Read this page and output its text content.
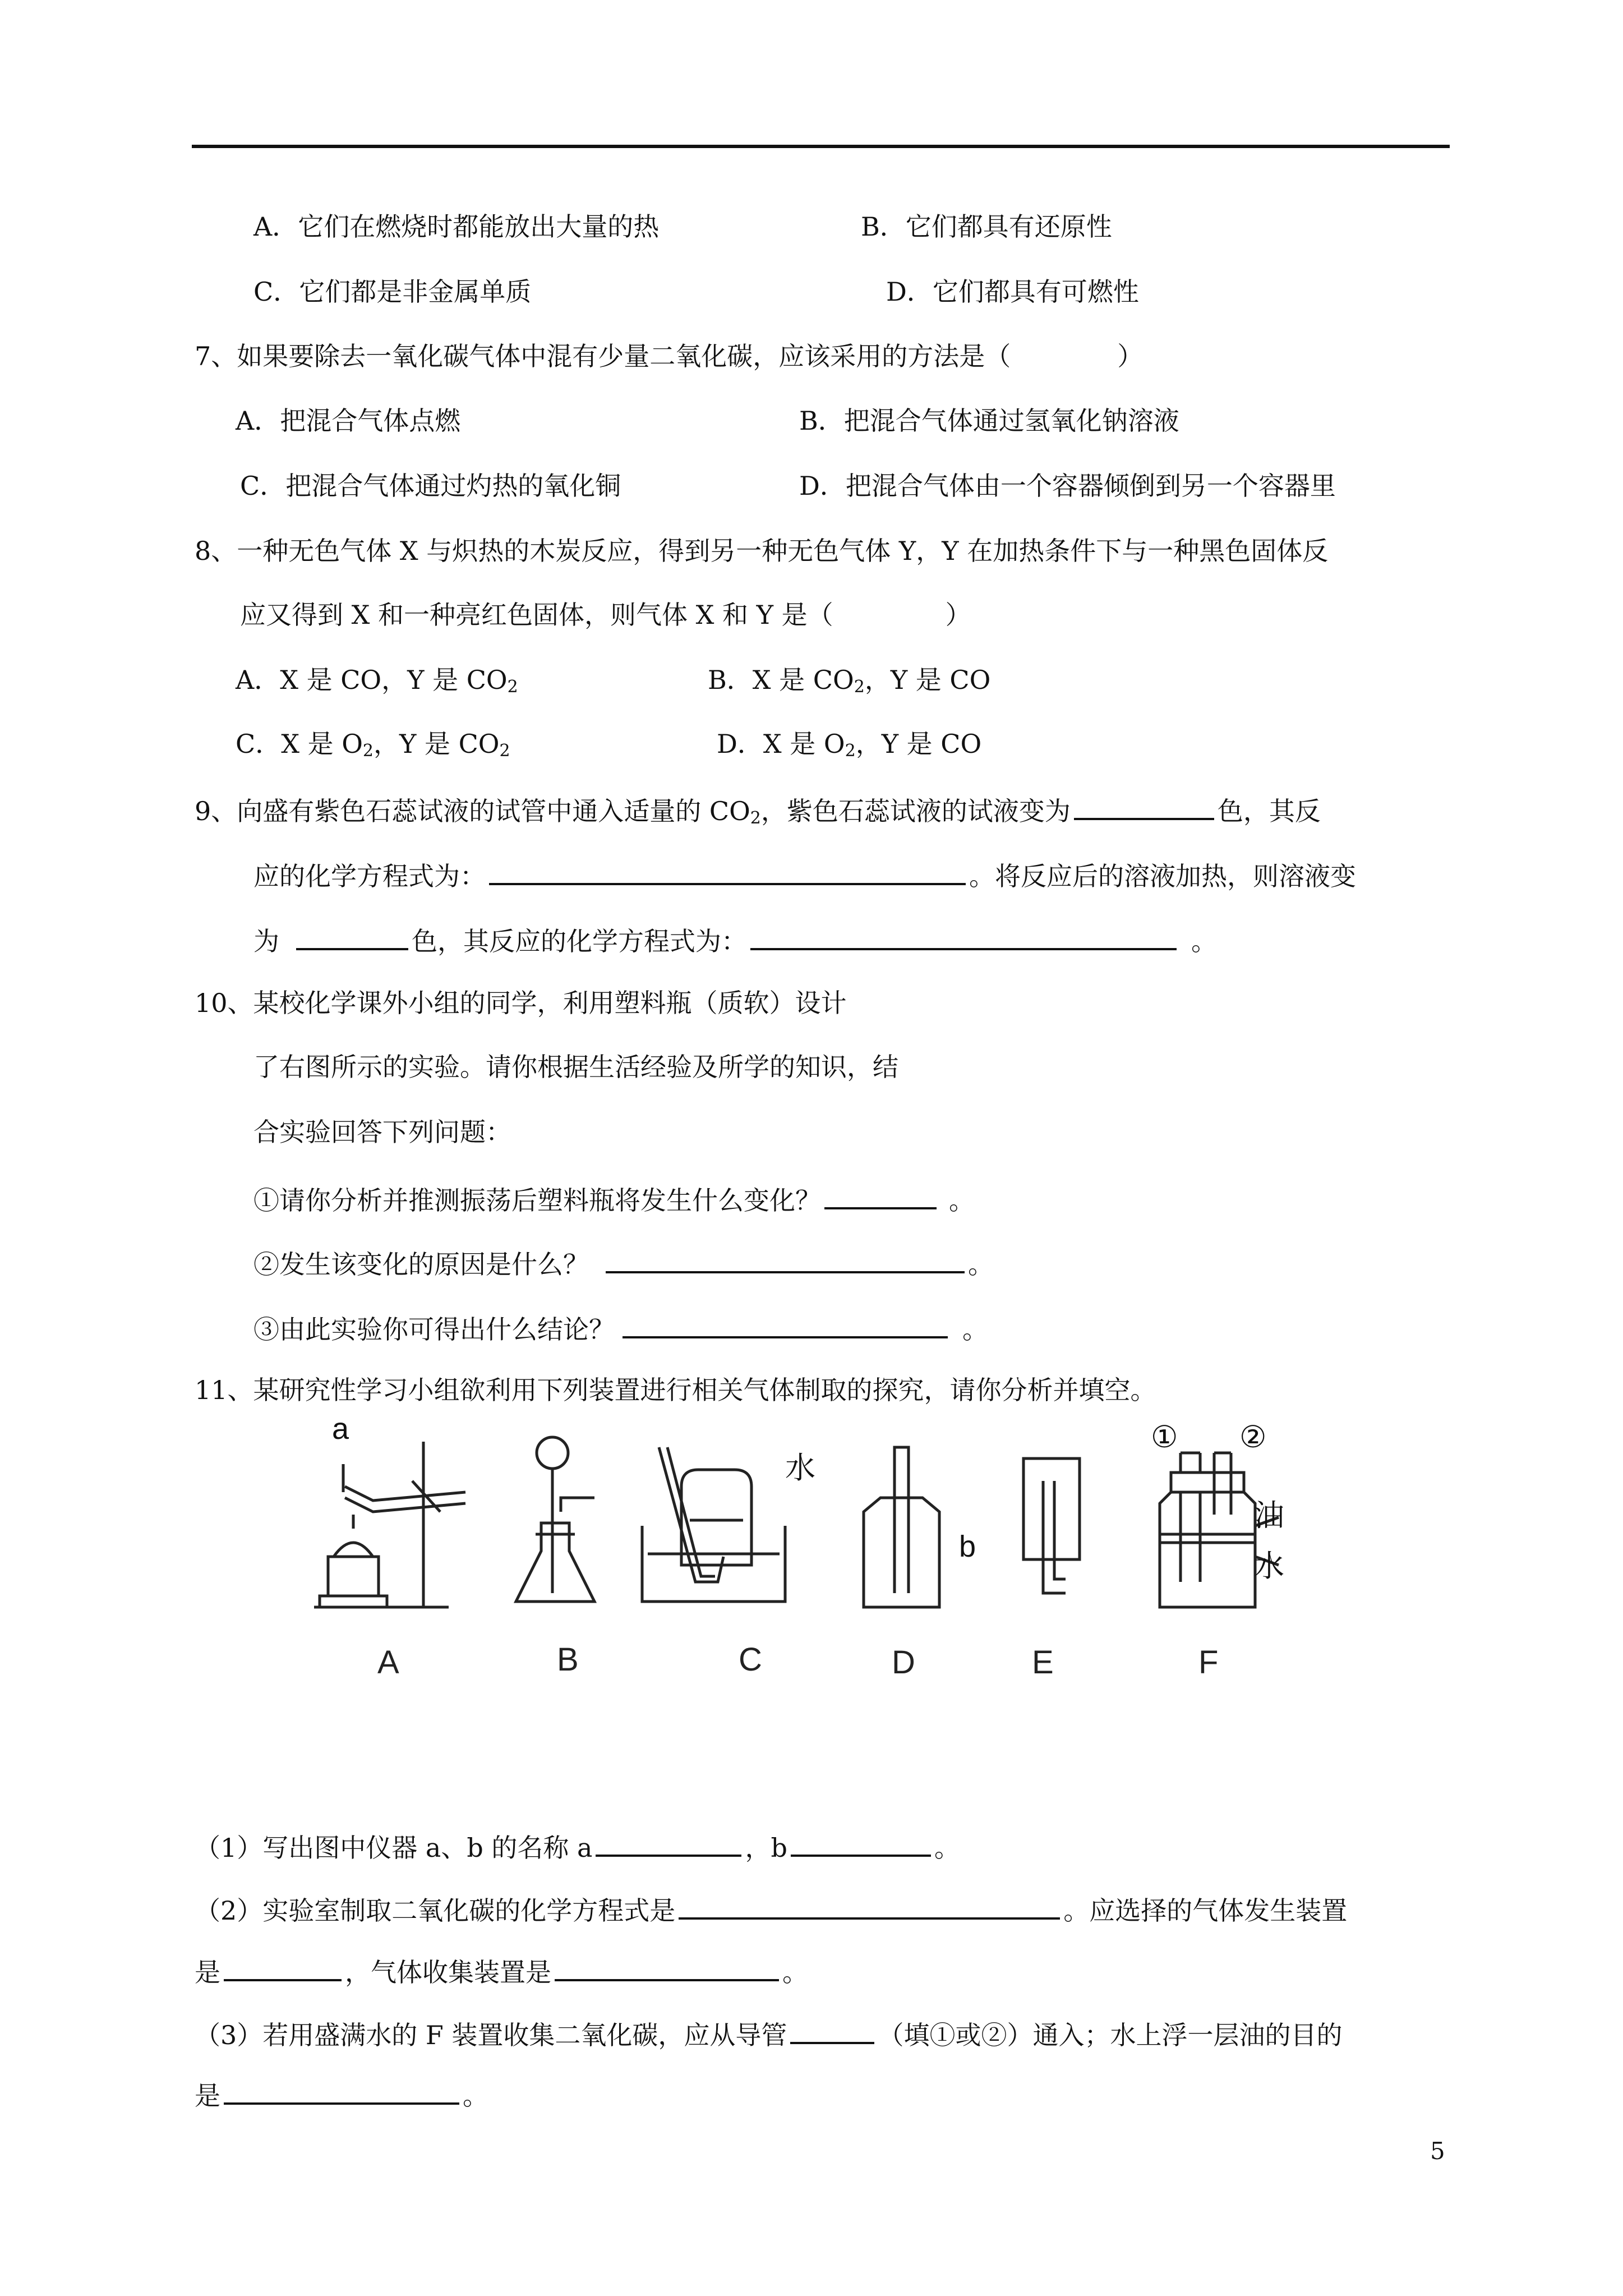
A．它们在燃烧时都能放出大量的热	B．它们都具有还原性
C．它们都是非金属单质	D．它们都具有可燃性
7、如果要除去一氧化碳气体中混有少量二氧化碳，应该采用的方法是（	）
A．把混合气体点燃	B．把混合气体通过氢氧化钠溶液
C．把混合气体通过灼热的氧化铜	D．把混合气体由一个容器倾倒到另一个容器里
8、一种无色气体 X 与炽热的木炭反应，得到另一种无色气体 Y，Y 在加热条件下与一种黑色固体反
应又得到 X 和一种亮红色固体，则气体 X 和 Y 是（	）
A．X 是 CO，Y 是 $CO_2$	B．X 是 $CO_2$，Y 是 CO
C．X 是 $O_2$，Y 是 $CO_2$	D．X 是 $O_2$，Y 是 CO
9、向盛有紫色石蕊试液的试管中通入适量的 $CO_2$，紫色石蕊试液的试液变为	色，其反
应的化学方程式为：	。将反应后的溶液加热，则溶液变
为	色，其反应的化学方程式为：	。
10、某校化学课外小组的同学，利用塑料瓶（质软）设计
了右图所示的实验。请你根据生活经验及所学的知识，结
合实验回答下列问题：
①请你分析并推测振荡后塑料瓶将发生什么变化？	。
②发生该变化的原因是什么？	。
③由此实验你可得出什么结论？	。
11、某研究性学习小组欲利用下列装置进行相关气体制取的探究，请你分析并填空。
a
b
水
① ②
油
水
A	B	C	D	E	F
（1）写出图中仪器 a、b 的名称 a	，b	。
（2）实验室制取二氧化碳的化学方程式是	。应选择的气体发生装置
是	，气体收集装置是	。
（3）若用盛满水的 F 装置收集二氧化碳，应从导管	（填①或②）通入；水上浮一层油的目的
是	。
5
